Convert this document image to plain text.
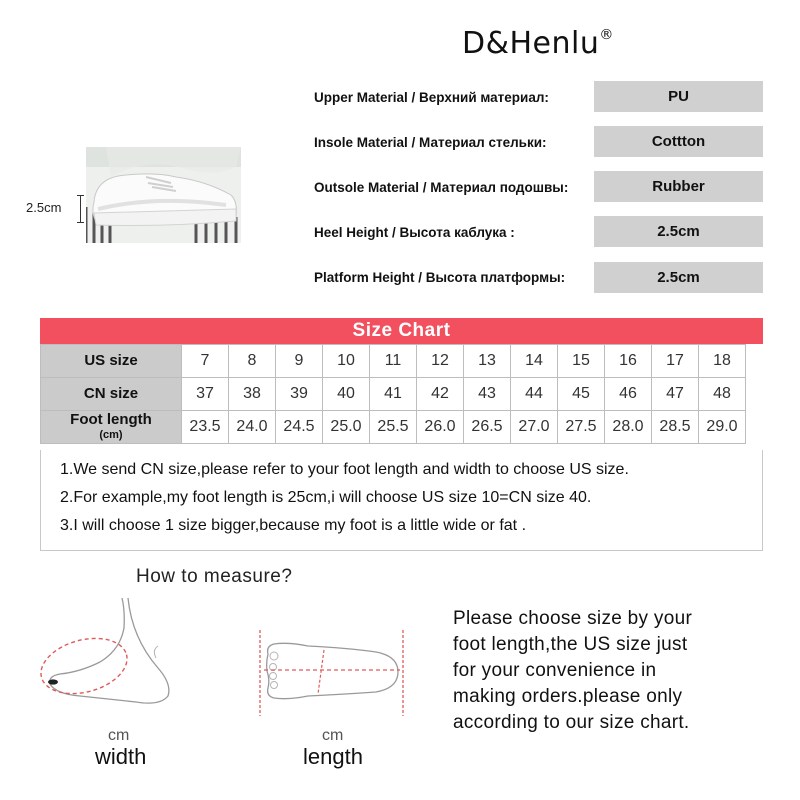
D&Henlu®
2.5cm
Upper Material / Верхний материал:	PU
Insole Material / Материал стельки:	Cottton
Outsole Material / Материал подошвы:	Rubber
Heel Height / Высота каблука :	2.5cm
Platform Height / Высота платформы:	2.5cm
Size Chart
US size	7	8	9	10	11	12	13	14	15	16	17	18
CN size	37	38	39	40	41	42	43	44	45	46	47	48
Foot length
(cm)	23.5	24.0	24.5	25.0	25.5	26.0	26.5	27.0	27.5	28.0	28.5	29.0
1.We send CN size,please refer to your foot length and width to choose US size.
2.For example,my foot length is 25cm,i will choose US size 10=CN size 40.
3.I will choose 1 size bigger,because my foot is a little wide or fat .
How to measure?
cm
width
cm
length
Please choose size by your
foot length,the US size just
for your convenience in
making orders.please only
according to our size chart.
